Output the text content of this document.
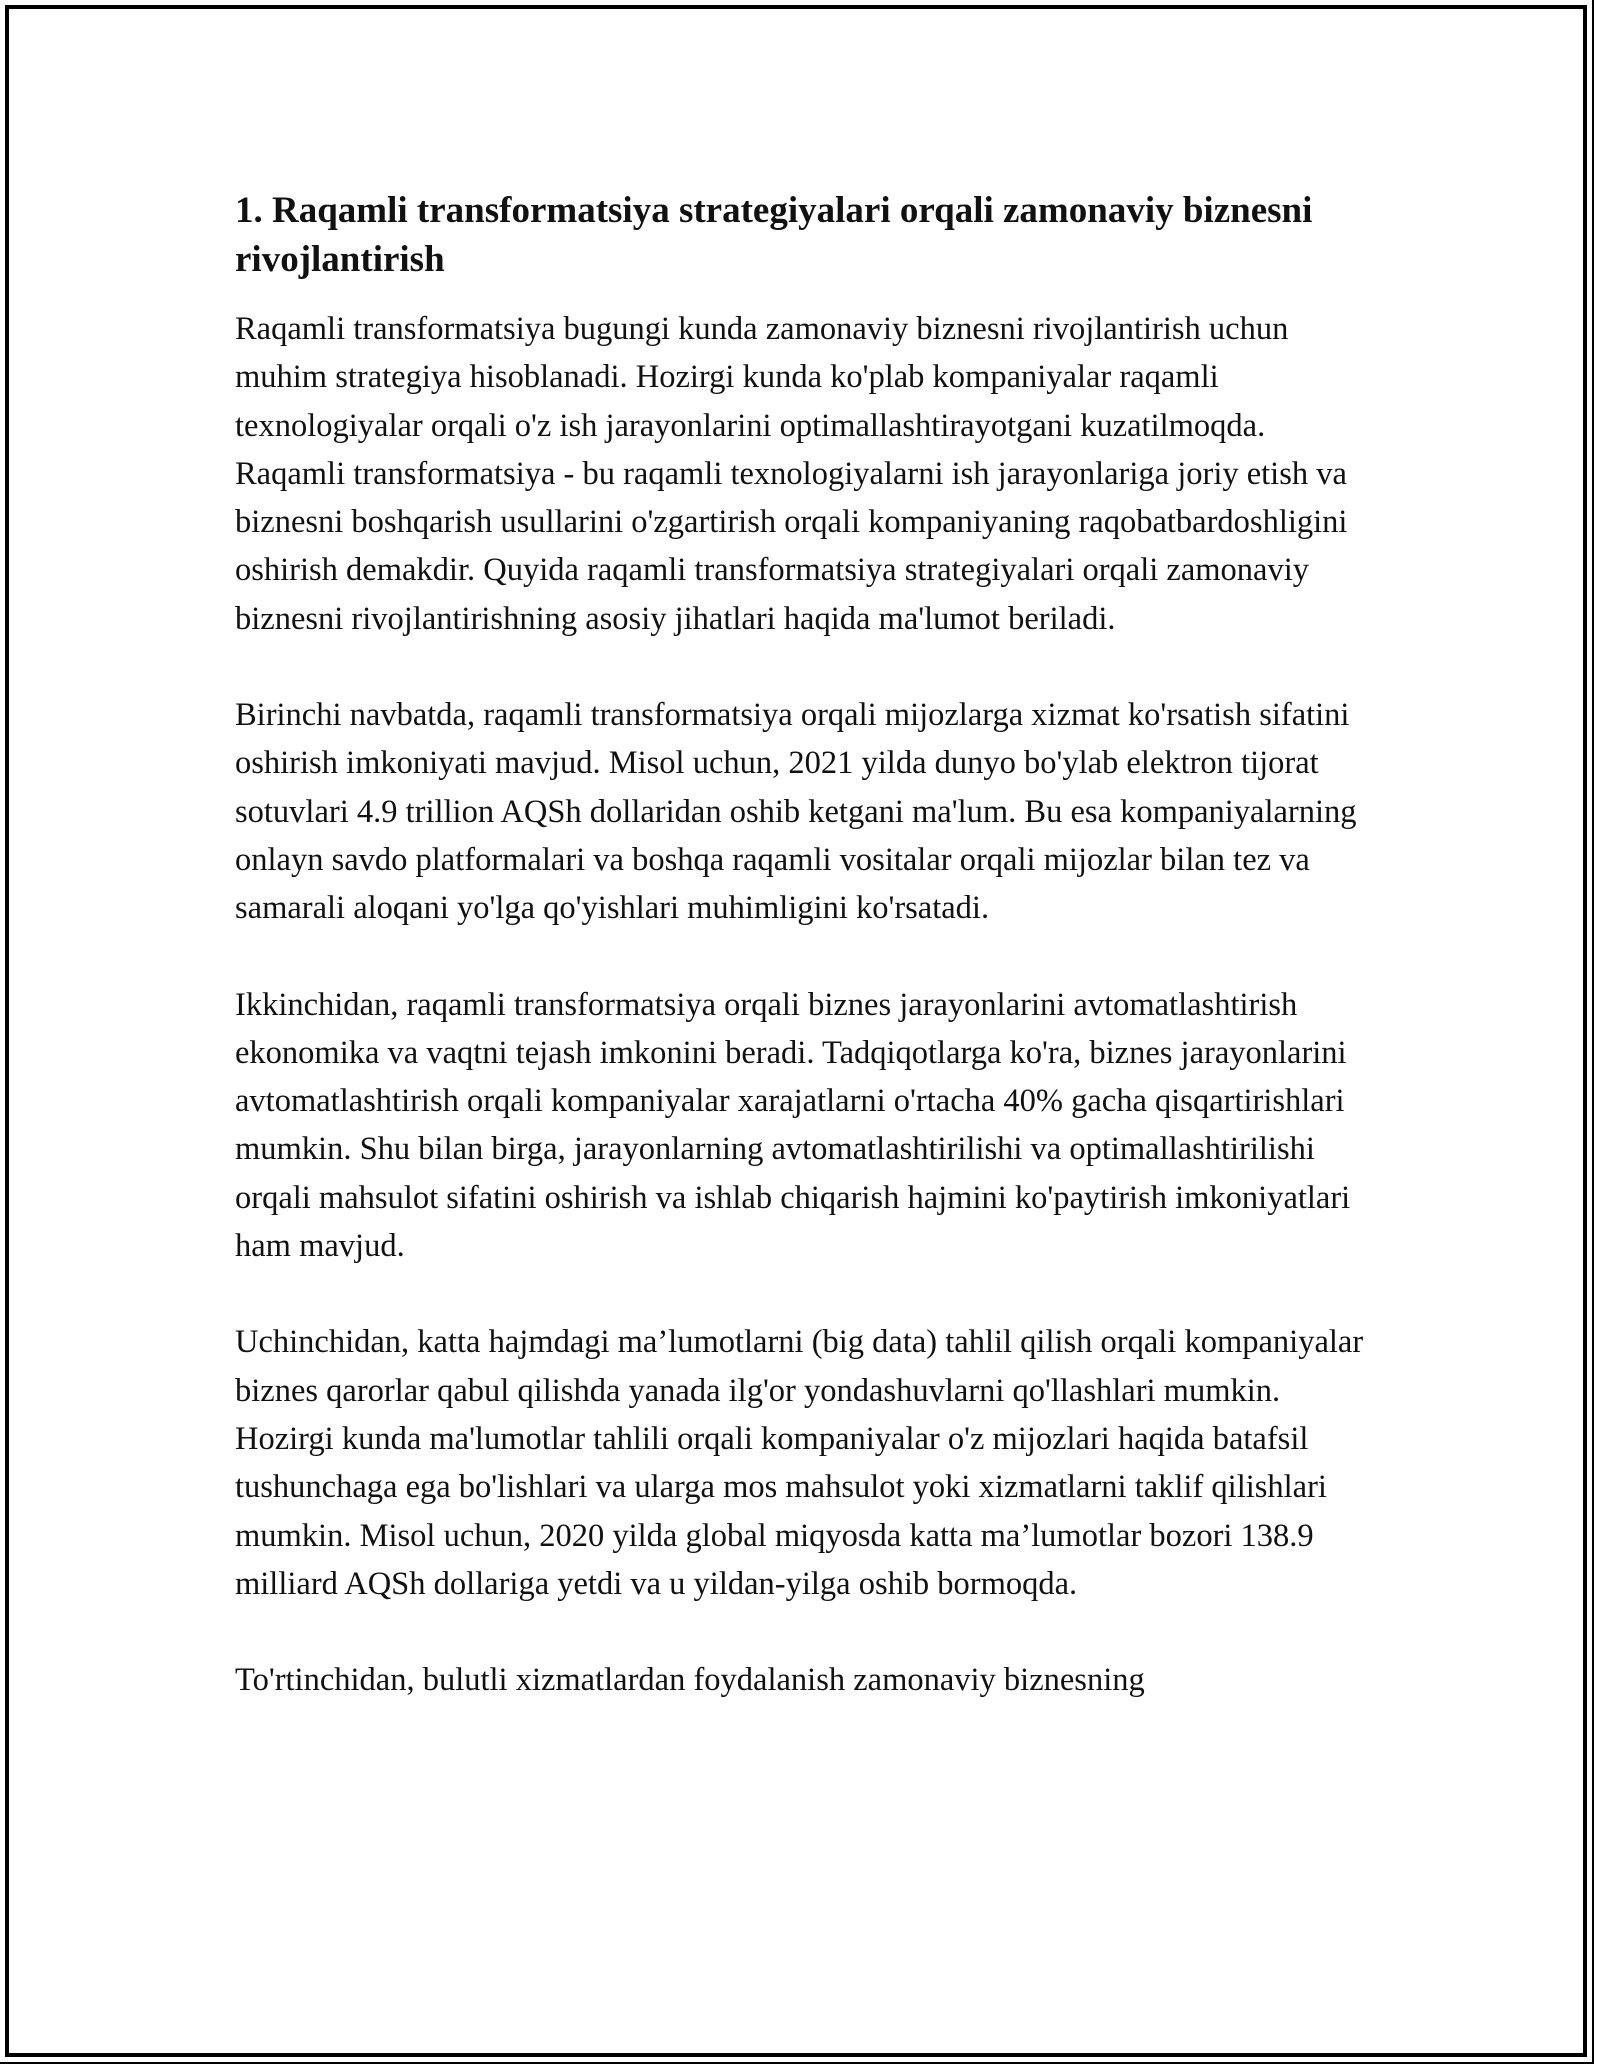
1. Raqamli transformatsiya strategiyalari orqali zamonaviy biznesni rivojlantirish

Raqamli transformatsiya bugungi kunda zamonaviy biznesni rivojlantirish uchun muhim strategiya hisoblanadi. Hozirgi kunda ko'plab kompaniyalar raqamli texnologiyalar orqali o'z ish jarayonlarini optimallashtirayotgani kuzatilmoqda. Raqamli transformatsiya - bu raqamli texnologiyalarni ish jarayonlariga joriy etish va biznesni boshqarish usullarini o'zgartirish orqali kompaniyaning raqobatbardoshligini oshirish demakdir. Quyida raqamli transformatsiya strategiyalari orqali zamonaviy biznesni rivojlantirishning asosiy jihatlari haqida ma'lumot beriladi.

Birinchi navbatda, raqamli transformatsiya orqali mijozlarga xizmat ko'rsatish sifatini oshirish imkoniyati mavjud. Misol uchun, 2021 yilda dunyo bo'ylab elektron tijorat sotuvlari 4.9 trillion AQSh dollaridan oshib ketgani ma'lum. Bu esa kompaniyalarning onlayn savdo platformalari va boshqa raqamli vositalar orqali mijozlar bilan tez va samarali aloqani yo'lga qo'yishlari muhimligini ko'rsatadi.

Ikkinchidan, raqamli transformatsiya orqali biznes jarayonlarini avtomatlashtirish ekonomika va vaqtni tejash imkonini beradi. Tadqiqotlarga ko'ra, biznes jarayonlarini avtomatlashtirish orqali kompaniyalar xarajatlarni o'rtacha 40% gacha qisqartirishlari mumkin. Shu bilan birga, jarayonlarning avtomatlashtirilishi va optimallashtirilishi orqali mahsulot sifatini oshirish va ishlab chiqarish hajmini ko'paytirish imkoniyatlari ham mavjud.

Uchinchidan, katta hajmdagi ma’lumotlarni (big data) tahlil qilish orqali kompaniyalar biznes qarorlar qabul qilishda yanada ilg'or yondashuvlarni qo'llashlari mumkin. Hozirgi kunda ma'lumotlar tahlili orqali kompaniyalar o'z mijozlari haqida batafsil tushunchaga ega bo'lishlari va ularga mos mahsulot yoki xizmatlarni taklif qilishlari mumkin. Misol uchun, 2020 yilda global miqyosda katta ma’lumotlar bozori 138.9 milliard AQSh dollariga yetdi va u yildan-yilga oshib bormoqda.

To'rtinchidan, bulutli xizmatlardan foydalanish zamonaviy biznesning
